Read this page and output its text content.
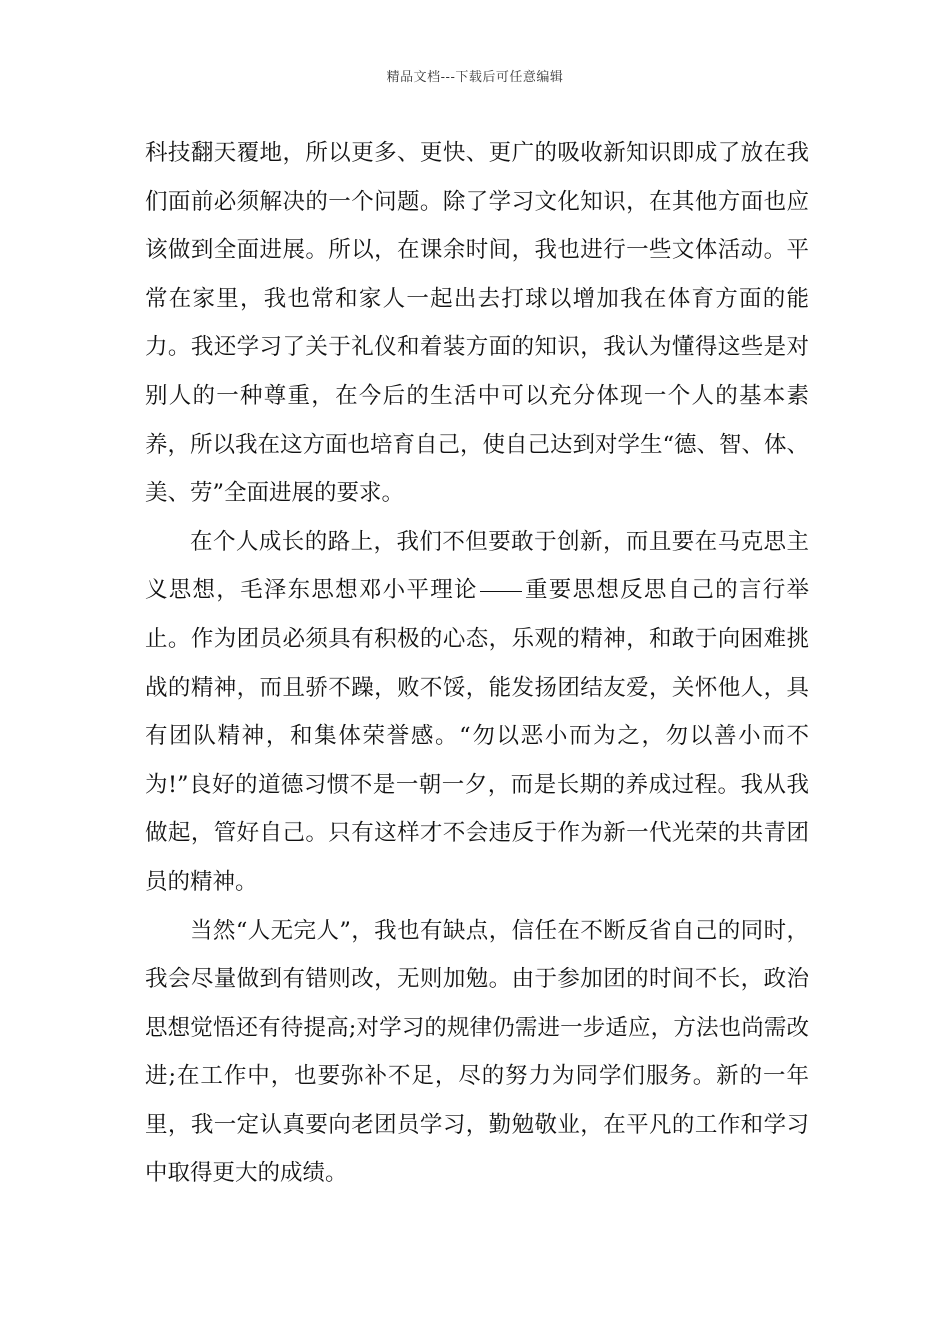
精品文档---下载后可任意编辑

科技翻天覆地，所以更多、更快、更广的吸收新知识即成了放在我们面前必须解决的一个问题。除了学习文化知识，在其他方面也应该做到全面进展。所以，在课余时间，我也进行一些文体活动。平常在家里，我也常和家人一起出去打球以增加我在体育方面的能力。我还学习了关于礼仪和着装方面的知识，我认为懂得这些是对别人的一种尊重，在今后的生活中可以充分体现一个人的基本素养，所以我在这方面也培育自己，使自己达到对学生“德、智、体、美、劳”全面进展的要求。

在个人成长的路上，我们不但要敢于创新，而且要在马克思主义思想，毛泽东思想邓小平理论 重要思想反思自己的言行举止。作为团员必须具有积极的心态，乐观的精神，和敢于向困难挑战的精神，而且骄不躁，败不馁，能发扬团结友爱，关怀他人，具有团队精神，和集体荣誉感。“勿以恶小而为之，勿以善小而不为!”良好的道德习惯不是一朝一夕，而是长期的养成过程。我从我做起，管好自己。只有这样才不会违反于作为新一代光荣的共青团员的精神。

当然“人无完人”，我也有缺点，信任在不断反省自己的同时，我会尽量做到有错则改，无则加勉。由于参加团的时间不长，政治思想觉悟还有待提高;对学习的规律仍需进一步适应，方法也尚需改进;在工作中，也要弥补不足，尽的努力为同学们服务。新的一年里，我一定认真要向老团员学习，勤勉敬业，在平凡的工作和学习中取得更大的成绩。
